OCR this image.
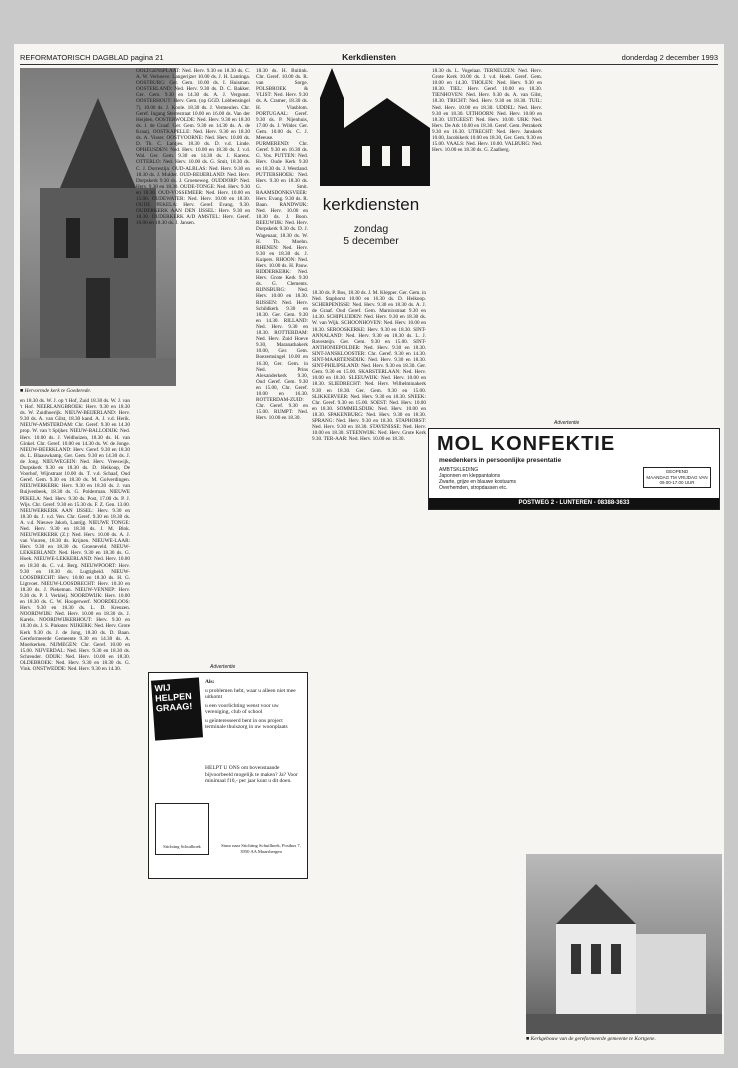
REFORMATORISCH DAGBLAD pagina 21	Kerkdiensten	donderdag 2 december 1993
■ Hervormde kerk te Goederede.
kerkdiensten
zondag
5 december

en 18.30 ds. W. J. op 't Hof, Zuid 18.30 ds. W. J. van 't Hof. NEERLANGBROEK: Herv. 9.30 en 18.30 ds. W. Zuidhoerijk. NIEUW-BEIJERLAND: Herv. 9.30 ds. A. van Gilst, 18.30 kand. A. J. v.d. Herik. NIEUW-AMSTERDAM: Chr. Geref. 9.30 en 14.30 prop. W. van 't Spijker. NIEUW-BALLODIJK: Ned. Herv. 10.00 ds. J. Veldhuizen, 18.30 ds. H. van Ginkel. Chr. Geref. 10.00 en 14.30 ds. W. de Jonge. NIEUW-BEERKLAND: Herv. Geref. 9.30 en 18.30 ds. L. Blaauwkamp, Ger. Gem. 9.30 en 14.30 ds. J. de Jong. NIEUWEGEIN: Ned. Herv. Vreeswijk, Dorpskerk 9.30 en 18.30 ds. D. Heikoop, De Voorhof, Wijnstraat 10.00 ds. T. v.d. Schaaf, Oud Geref. Gem. 9.30 en 18.30 ds. M. Golverdingen. NIEUWERKERK: Herv. 9.30 en 18.30 ds. J. van Ruijvenbeek, 18.30 ds. G. Polderman. NIEUWE PEKELA: Ned. Herv. 9.30 ds. Post, 17.00 ds. P. J. Wijs. Chr. Geref. 9.30 en 15.30 ds. F. Z. Gen. 13.00. NIEUWERKERK AAN IJSSEL: Herv. 9.30 en 18.30 ds. J. v.d. Ven. Chr. Geref. 9.30 en 18.30 ds. A. v.d. Nieuwe Jakob, Lantijg. NIEUWE TONGE: Ned. Herv. 9.30 en 18.30 ds. J. M. Blok. NIEUWERKERK (Z.): Ned. Herv. 10.00 ds. A. J. van Vuuren, 18.30 ds. Krijnen. NIEUWE-LAAR: Herv. 9.30 en 18.30 ds. Groeneveld. NIEUW-LEKKERLAND: Ned. Herv. 9.30 en 18.30 ds. G. Hoek. NIEUWE-LEKKERLAND: Ned. Herv. 10.00 en 18.30 ds. C. v.d. Berg. NIEUWPOORT: Herv. 9.30 en 18.30 ds. Lugtigheid. NIEUW-LOOSDRECHT: Herv. 10.00 en 18.30 ds. H. G. Ligtvoet. NIEUW-LOOSDRECHT: Herv. 10.30 en 18.30 ds. J. Piekeman. NIEUW-VENNEP: Herv. 9.30 ds. P. J. Verkleij. NOORDWIJK: Herv. 10.00 en 18.30 ds. C. W. Hoogerwerf. NOORDELOOS: Herv. 9.30 en 18.30 ds. L. D. Kreuzen. NOORDWIJK: Ned. Herv. 10.00 en 18.30 ds. J. Karels. NOORDWIJKERHOUT: Herv. 9.30 en 18.30 ds. J. S. Pinkster. NIJKERK: Ned. Herv. Grote Kerk 9.30 ds. J. de Jong, 18.30 ds. D. Baan. Gereformeerde Gemeente 9.30 en 14.30 ds. A. Moerkerken. NIJMEGEN: Chr. Geref. 10.00 en 15.00. NIJVERDAL: Ned. Herv. 9.30 en 18.30 ds. Schreuder. ODIJK: Ned. Herv. 10.00 en 18.30. OLDEBROEK: Ned. Herv. 9.30 en 18.30 ds. G. Vink. ONSTWEDDE: Ned. Herv. 9.30 en 14.30.

OOLTGENSPLAAT: Ned. Herv. 9.30 en 18.30 ds. C. A. W. Verhoeve. Langerijzer 10.00 ds. J. H. Lantinga. OOSTBURG: Ger. Gem. 10.00 ds. I. Huisman. OOSTERLAND: Ned. Herv. 9.30 ds. D. C. Bakker. Ger. Gem. 9.30 en 14.30 ds. A. J. Vergunst. OOSTERHOUT: Herv. Gem. (op GGD. Lobbensingel 7), 10.00 ds. J. Koole. 18.30 ds. J. Vermeulen. Chr. Geref. Ingang Sterrestraat 10.00 en 16.00 ds. Van der Heijden. OOSTERWOLDE: Ned. Herv. 9.30 en 18.30 ds. J. de Graaf. Ger. Gem. 9.30 en 14.30 ds. A. de Kraaij. OOSTKAPELLE: Ned. Herv. 9.30 en 18.30 ds. A. Visser. OOSTVOORNE: Ned. Herv. 10.00 ds. D. Th. C. Lantjes. 18.30 ds. D. v.d. Linde. OPHEUSDEN: Ned. Herv. 10.00 en 18.30 ds. J. v.d. Wal. Ger. Gem. 9.30 en 14.30 ds. J. Karens. OTTERLO: Ned. Herv. 10.00 ds. G. Smit, 18.30 ds. C. J. Dorrestijn. OUD-ALBLAS: Ned. Herv. 9.30 en 18.30 ds. J. Mulder. OUD-BEIJERLAND: Ned. Herv. Dorpskerk 9.30 ds. J. Groeneweg. OUDDORP: Ned. Herv. 9.30 en 18.30. OUDE-TONGE: Ned. Herv. 9.30 en 18.30. OUD-VOSSEMEER: Ned. Herv. 10.00 en 15.00. OUDEWATER: Ned. Herv. 10.00 en 18.30. OUDE PEKELA: Herv. Geref. Evang. 9.30. OUDERKERK AAN DEN IJSSEL: Herv. 9.30 en 18.30. OUDERKERK A/D AMSTEL: Herv. Geref. 10.00 en 18.30 ds. J. Jansen.

18.30 ds. H. Buitink. Chr. Geref. 10.00 ds. R. van Sorge. POLSBROEK & VLIST: Ned. Herv. 9.30 ds. A. Cramer, 18.30 ds. H. Vlasblom. PORTUGAAL: Geref. 9.30 ds. P. Nijenhuis, 17.00 ds. J. Wilder. Ger. Gem. 10.00 ds. C. J. Meeuse. PURMEREND: Chr. Geref. 9.30 en 16.30 ds. G. Vos. PUTTEN: Ned. Herv. Oude Kerk 9.30 en 18.30 ds. J. Westland. PUTTERSHOEK: Ned. Herv. 9.30 en 18.30 ds. G. Smit. RAAMSDONKSVEER: Herv. Evang. 9.30 ds. R. Baan. RANDWIJK: Ned. Herv. 10.00 en 18.30 ds. J. Boon. REEUWIJK: Ned. Herv. Dorpskerk 9.30 ds. D. J. Wagenaar, 18.30 ds. W. H. Th. Moehn. RHENEN: Ned. Herv. 9.30 en 18.30 ds. J. Kuipers. RHOON: Ned. Herv. 10.00 ds. H. Pauw. RIDDERKERK: Ned. Herv. Grote Kerk 9.30 ds. G. Clements. RIJNSBURG: Ned. Herv. 10.00 en 18.30. RIJSSEN: Ned. Herv. Schildkerk 9.30 en 18.30. Ger. Gem. 9.30 en 14.30. RILLAND: Ned. Herv. 9.30 en 18.30. ROTTERDAM: Ned. Herv. Zuid Hoeve 9.30, Maranathakerk 10.00, Ger. Gem. Boezemsingel 10.00 en 16.30, Ger. Gem. in Ned. Prins Alexanderkerk 9.30, Oud Geref. Gem. 9.30 en 15.00, Chr. Geref. 10.00 en 16.30. ROTTERDAM-ZUID: Chr. Geref. 9.30 en 15.00. RUMPT: Ned. Herv. 10.00 en 18.30.

18.30 ds. P. Bos, 18.30 ds. J. M. Klepper. Ger. Gem. in Ned. Staphorst 10.00 en 16.30 ds. D. Heikoop. SCHERPENISSE: Ned. Herv. 9.30 en 18.30 ds. A. J. de Graaf. Oud Geref. Gem. Marnixstraat 9.30 en 14.30. SCHIPLUIDEN: Ned. Herv. 9.30 en 18.30 ds. W. van Wijk. SCHOONHOVEN: Ned. Herv. 10.00 en 18.30. SEROOSKERKE: Herv. 9.30 en 18.30. SINT-ANNALAND: Ned. Herv. 9.30 en 18.30 ds. L. J. Ravesteijn. Ger. Gem. 9.30 en 15.00. SINT-ANTHONIEPOLDER: Ned. Herv. 9.30 en 18.30. SINT-JANSKLOOSTER: Chr. Geref. 9.30 en 14.30. SINT-MAARTENSDIJK: Ned. Herv. 9.30 en 18.30. SINT-PHILIPSLAND: Ned. Herv. 9.30 en 18.30. Ger. Gem. 9.30 en 15.00. SKARSTERLAAN: Ned. Herv. 10.00 en 18.30. SLEEUWIJK: Ned. Herv. 10.00 en 18.30. SLIEDRECHT: Ned. Herv. Wilhelminakerk 9.30 en 18.30. Ger. Gem. 9.30 en 15.00. SLIKKERVEER: Ned. Herv. 9.30 en 18.30. SNEEK: Chr. Geref. 9.30 en 15.00. SOEST: Ned. Herv. 10.00 en 18.30. SOMMELSDIJK: Ned. Herv. 10.00 en 18.30. SPAKENBURG: Ned. Herv. 9.30 en 18.30. SPRANG: Ned. Herv. 9.30 en 18.30. STAPHORST: Ned. Herv. 9.30 en 18.30. STAVENISSE: Ned. Herv. 10.00 en 18.30. STEENWIJK: Ned. Herv. Grote Kerk 9.30. TER-AAR: Ned. Herv. 10.00 en 18.30.

18.30 ds. L. Vogelaar. TERNEUZEN: Ned. Herv. Grote Kerk 10.00 ds. J. v.d. Hoek. Geref. Gem. 10.00 en 14.30. THOLEN: Ned. Herv. 9.30 en 18.30. TIEL: Herv. Geref. 10.00 en 18.30. TIENHOVEN: Ned. Herv. 9.30 ds. A. van Gilst, 18.30. TRICHT: Ned. Herv. 9.30 en 18.30. TUIL: Ned. Herv. 10.00 en 18.30. UDDEL: Ned. Herv. 9.30 en 18.30. UITHOORN: Ned. Herv. 10.00 en 18.30. UITGEEST: Ned. Herv. 10.00. URK: Ned. Herv. De Ark 10.00 en 18.30. Geref. Gem. Petrakerk 9.30 en 16.30. UTRECHT: Ned. Herv. Janskerk 10.00, Jacobikerk 10.00 en 18.30, Ger. Gem. 9.30 en 15.00. VAALS: Ned. Herv. 10.00. VALBURG: Ned. Herv. 10.00 en 18.30 ds. G. Zaalberg.

Advertentie
MOL KONFEKTIE
meedenkers in persoonlijke presentatie
AMBTSKLEDING
Japonnen en kleppantalons
Zwarte, grijze en blauwe kostuums
Overhemden, stropdassen etc.
GEOPEND
MAANDAG TM VRIJDAG VAN 09.00-17.00 UUR
POSTWEG 2 - LUNTEREN - 08388-3633
Advertentie
WIJ
HELPEN
GRAAG!
Als:
u problemen hebt, waar u alleen niet mee uitkomt
u een voorlichting wenst voor uw vereniging, club of school
u geïnteresseerd bent in ons project terminale thuiszorg in uw woonplaats
HELPT U ONS om bovenstaande bijvoorbeeld mogelijk te maken? Ja? Voor minimaal f10,- per jaar kunt u dit doen.
Stichting Schuilhoek	Stuur naar Stichting Schuilhoek, Postbus 7, 3950 AA Maarsbergen
■ Kerkgebouw van de gereformeerde gemeente te Kortgene.
